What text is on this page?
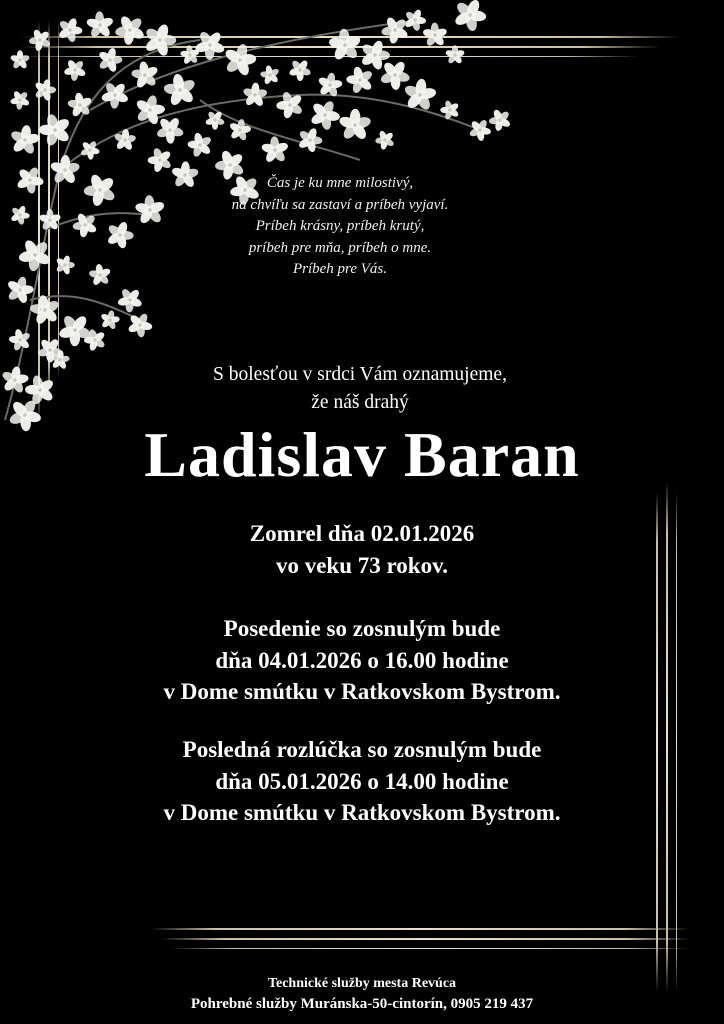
Čas je ku mne milostivý,
na chvíľu sa zastaví a príbeh vyjaví.
Príbeh krásny, príbeh krutý,
príbeh pre mňa, príbeh o mne.
Príbeh pre Vás.
S bolesťou v srdci Vám oznamujeme,
že náš drahý
Ladislav Baran
Zomrel dňa 02.01.2026
vo veku 73 rokov.
Posedenie so zosnulým bude
dňa 04.01.2026 o 16.00 hodine
v Dome smútku v Ratkovskom Bystrom.
Posledná rozlúčka so zosnulým bude
dňa 05.01.2026 o 14.00 hodine
v Dome smútku v Ratkovskom Bystrom.
Technické služby mesta Revúca
Pohrebné služby Muránska-50-cintorín, 0905 219 437
